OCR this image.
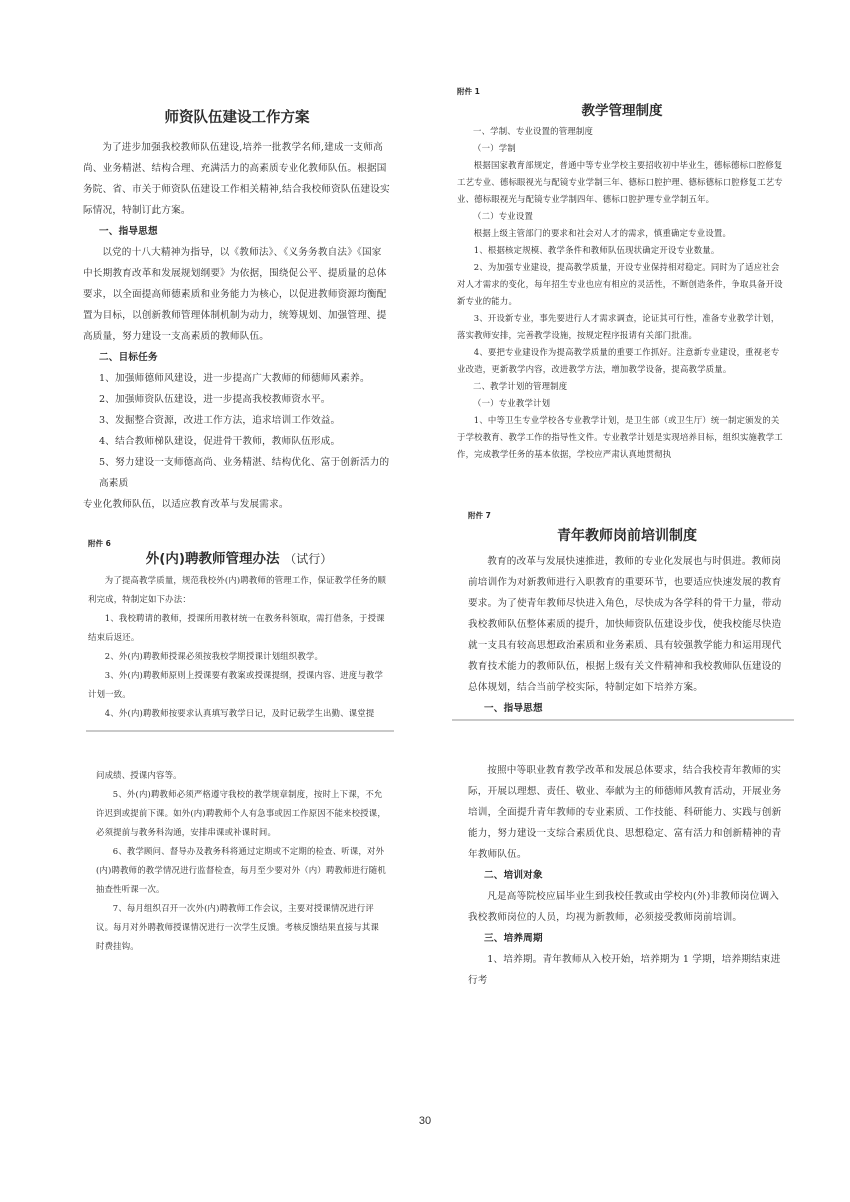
师资队伍建设工作方案

为了进步加强我校教师队伍建设,培养一批教学名师,建成一支师高尚、业务精湛、结构合理、充满活力的高素质专业化教师队伍。根据国务院、省、市关于师资队伍建设工作相关精神,结合我校师资队伍建设实际情况，特制订此方案。

一、指导思想

以党的十八大精神为指导，以《教师法》、《义务务教自法》《国家中长期教育改革和发展规划纲要》为依据，围绕促公平、提质量的总体要求，以全面提高师德素质和业务能力为核心，以促进教师资源均衡配置为目标，以创新教师管理体制机制为动力，统筹规划、加强管理、提高质量，努力建设一支高素质的教师队伍。

二、目标任务

1、加强师德师风建设，进一步提高广大教师的师德师风素养。

2、加强师资队伍建设，进一步提高我校教师资水平。

3、发掘整合资源，改进工作方法，追求培训工作效益。

4、结合教师梯队建设，促进骨干教师，教师队伍形成。

5、努力建设一支师德高尚、业务精湛、结构优化、富于创新活力的高素质

专业化教师队伍，以适应教育改革与发展需求。

附件 1

教学管理制度

一、学制、专业设置的管理制度

（一）学制

根据国家教育部规定，普通中等专业学校主要招收初中毕业生，德标德标口腔修复工艺专业、德标眼视光与配镜专业学制三年、德标口腔护理、德标德标口腔修复工艺专业、德标眼视光与配镜专业学制四年、德标口腔护理专业学制五年。

（二）专业设置

根据上级主管部门的要求和社会对人才的需求，慎重确定专业设置。

1、根据核定规模、教学条件和教师队伍现状确定开设专业数量。

2、为加强专业建设，提高教学质量，开设专业保持相对稳定。同时为了适应社会对人才需求的变化，每年招生专业也应有相应的灵活性，不断创造条件，争取具备开设新专业的能力。

3、开设新专业，事先要进行人才需求调查，论证其可行性，准备专业教学计划，落实教师安排，完善教学设施，按规定程序报请有关部门批准。

4、要把专业建设作为提高教学质量的重要工作抓好。注意新专业建设，重视老专业改造，更新教学内容，改进教学方法，增加教学设备，提高教学质量。

二、教学计划的管理制度

（一）专业教学计划

1、中等卫生专业学校各专业教学计划，是卫生部（或卫生厅）统一制定颁发的关于学校教育、教学工作的指导性文件。专业教学计划是实现培养目标，组织实施教学工作，完成教学任务的基本依据，学校应严肃认真地贯彻执

附件 6

外(内)聘教师管理办法 （试行）

为了提高教学质量，规范我校外(内)聘教师的管理工作，保证教学任务的顺利完成，特制定如下办法：

1、我校聘请的教师，授课所用教材统一在教务科领取，需打借条，于授课结束后返还。

2、外(内)聘教师授课必须按我校学期授课计划组织教学。

3、外(内)聘教师原则上授课要有教案或授课提纲，授课内容、进度与教学计划一致。

4、外(内)聘教师按要求认真填写教学日记，及时记载学生出勤、课堂提

附件 7

青年教师岗前培训制度

教育的改革与发展快速推进，教师的专业化发展也与时俱进。教师岗前培训作为对新教师进行入职教育的重要环节，也要适应快速发展的教育要求。为了使青年教师尽快进入角色，尽快成为各学科的骨干力量，带动我校教师队伍整体素质的提升，加快师资队伍建设步伐，使我校能尽快造就一支具有较高思想政治素质和业务素质、具有较强教学能力和运用现代教育技术能力的教师队伍，根据上级有关文件精神和我校教师队伍建设的总体规划，结合当前学校实际，特制定如下培养方案。

一、指导思想

问成绩、授课内容等。

5、外(内)聘教师必须严格遵守我校的教学规章制度，按时上下课，不允许迟到或提前下课。如外(内)聘教师个人有急事或因工作原因不能来校授课，必须提前与教务科沟通，安排串课或补课时间。

6、教学顾问、督导办及教务科将通过定期或不定期的检查、听课，对外(内)聘教师的教学情况进行监督检查，每月至少要对外（内）聘教师进行随机抽查性听课一次。

7、每月组织召开一次外(内)聘教师工作会议，主要对授课情况进行评议。每月对外聘教师授课情况进行一次学生反馈。考核反馈结果直接与其课时费挂钩。

按照中等职业教育教学改革和发展总体要求，结合我校青年教师的实际，开展以理想、责任、敬业、奉献为主的师德师风教育活动，开展业务培训，全面提升青年教师的专业素质、工作技能、科研能力、实践与创新能力，努力建设一支综合素质优良、思想稳定、富有活力和创新精神的青年教师队伍。

二、培训对象

凡是高等院校应届毕业生到我校任教或由学校内(外)非教师岗位调入我校教师岗位的人员，均视为新教师，必须接受教师岗前培训。

三、培养周期

1、培养期。青年教师从入校开始，培养期为 1 学期，培养期结束进行考

30
